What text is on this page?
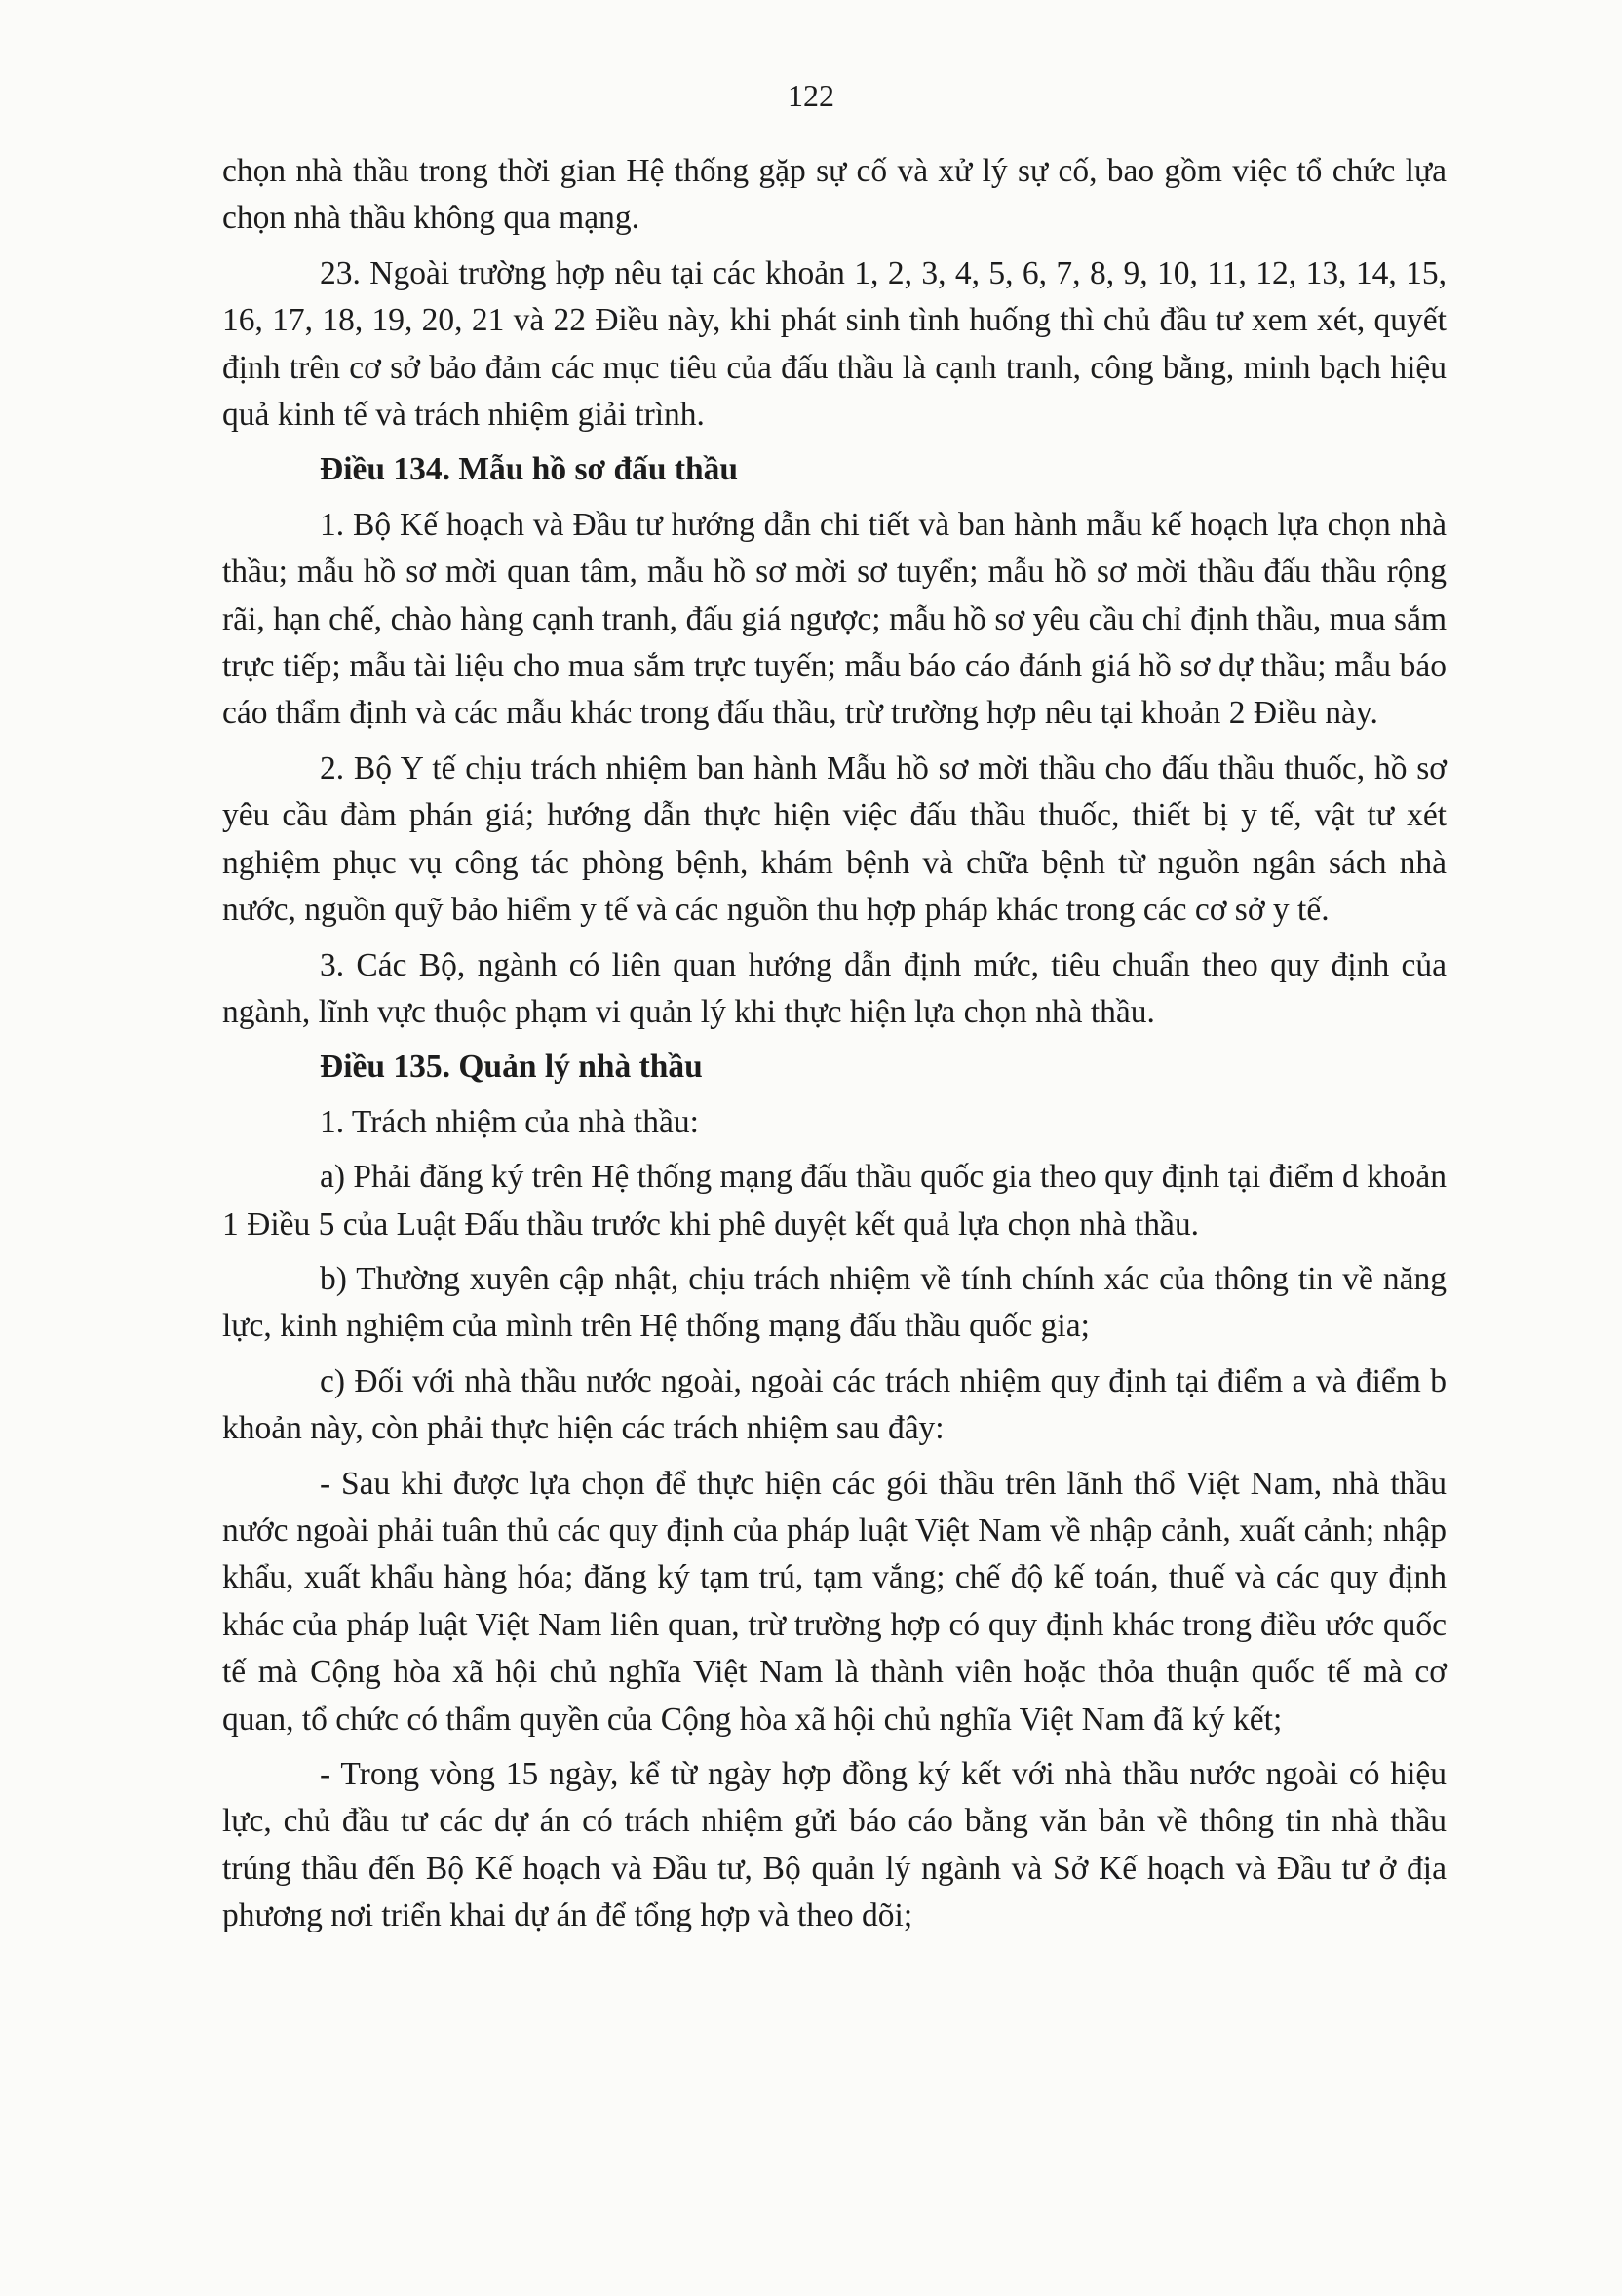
122

chọn nhà thầu trong thời gian Hệ thống gặp sự cố và xử lý sự cố, bao gồm việc tổ chức lựa chọn nhà thầu không qua mạng.

23. Ngoài trường hợp nêu tại các khoản 1, 2, 3, 4, 5, 6, 7, 8, 9, 10, 11, 12, 13, 14, 15, 16, 17, 18, 19, 20, 21 và 22 Điều này, khi phát sinh tình huống thì chủ đầu tư xem xét, quyết định trên cơ sở bảo đảm các mục tiêu của đấu thầu là cạnh tranh, công bằng, minh bạch hiệu quả kinh tế và trách nhiệm giải trình.

Điều 134. Mẫu hồ sơ đấu thầu

1. Bộ Kế hoạch và Đầu tư hướng dẫn chi tiết và ban hành mẫu kế hoạch lựa chọn nhà thầu; mẫu hồ sơ mời quan tâm, mẫu hồ sơ mời sơ tuyển; mẫu hồ sơ mời thầu đấu thầu rộng rãi, hạn chế, chào hàng cạnh tranh, đấu giá ngược; mẫu hồ sơ yêu cầu chỉ định thầu, mua sắm trực tiếp; mẫu tài liệu cho mua sắm trực tuyến; mẫu báo cáo đánh giá hồ sơ dự thầu; mẫu báo cáo thẩm định và các mẫu khác trong đấu thầu, trừ trường hợp nêu tại khoản 2 Điều này.

2. Bộ Y tế chịu trách nhiệm ban hành Mẫu hồ sơ mời thầu cho đấu thầu thuốc, hồ sơ yêu cầu đàm phán giá; hướng dẫn thực hiện việc đấu thầu thuốc, thiết bị y tế, vật tư xét nghiệm phục vụ công tác phòng bệnh, khám bệnh và chữa bệnh từ nguồn ngân sách nhà nước, nguồn quỹ bảo hiểm y tế và các nguồn thu hợp pháp khác trong các cơ sở y tế.

3. Các Bộ, ngành có liên quan hướng dẫn định mức, tiêu chuẩn theo quy định của ngành, lĩnh vực thuộc phạm vi quản lý khi thực hiện lựa chọn nhà thầu.

Điều 135. Quản lý nhà thầu

1. Trách nhiệm của nhà thầu:

a) Phải đăng ký trên Hệ thống mạng đấu thầu quốc gia theo quy định tại điểm d khoản 1 Điều 5 của Luật Đấu thầu trước khi phê duyệt kết quả lựa chọn nhà thầu.

b) Thường xuyên cập nhật, chịu trách nhiệm về tính chính xác của thông tin về năng lực, kinh nghiệm của mình trên Hệ thống mạng đấu thầu quốc gia;

c) Đối với nhà thầu nước ngoài, ngoài các trách nhiệm quy định tại điểm a và điểm b khoản này, còn phải thực hiện các trách nhiệm sau đây:

- Sau khi được lựa chọn để thực hiện các gói thầu trên lãnh thổ Việt Nam, nhà thầu nước ngoài phải tuân thủ các quy định của pháp luật Việt Nam về nhập cảnh, xuất cảnh; nhập khẩu, xuất khẩu hàng hóa; đăng ký tạm trú, tạm vắng; chế độ kế toán, thuế và các quy định khác của pháp luật Việt Nam liên quan, trừ trường hợp có quy định khác trong điều ước quốc tế mà Cộng hòa xã hội chủ nghĩa Việt Nam là thành viên hoặc thỏa thuận quốc tế mà cơ quan, tổ chức có thẩm quyền của Cộng hòa xã hội chủ nghĩa Việt Nam đã ký kết;

- Trong vòng 15 ngày, kể từ ngày hợp đồng ký kết với nhà thầu nước ngoài có hiệu lực, chủ đầu tư các dự án có trách nhiệm gửi báo cáo bằng văn bản về thông tin nhà thầu trúng thầu đến Bộ Kế hoạch và Đầu tư, Bộ quản lý ngành và Sở Kế hoạch và Đầu tư ở địa phương nơi triển khai dự án để tổng hợp và theo dõi;
